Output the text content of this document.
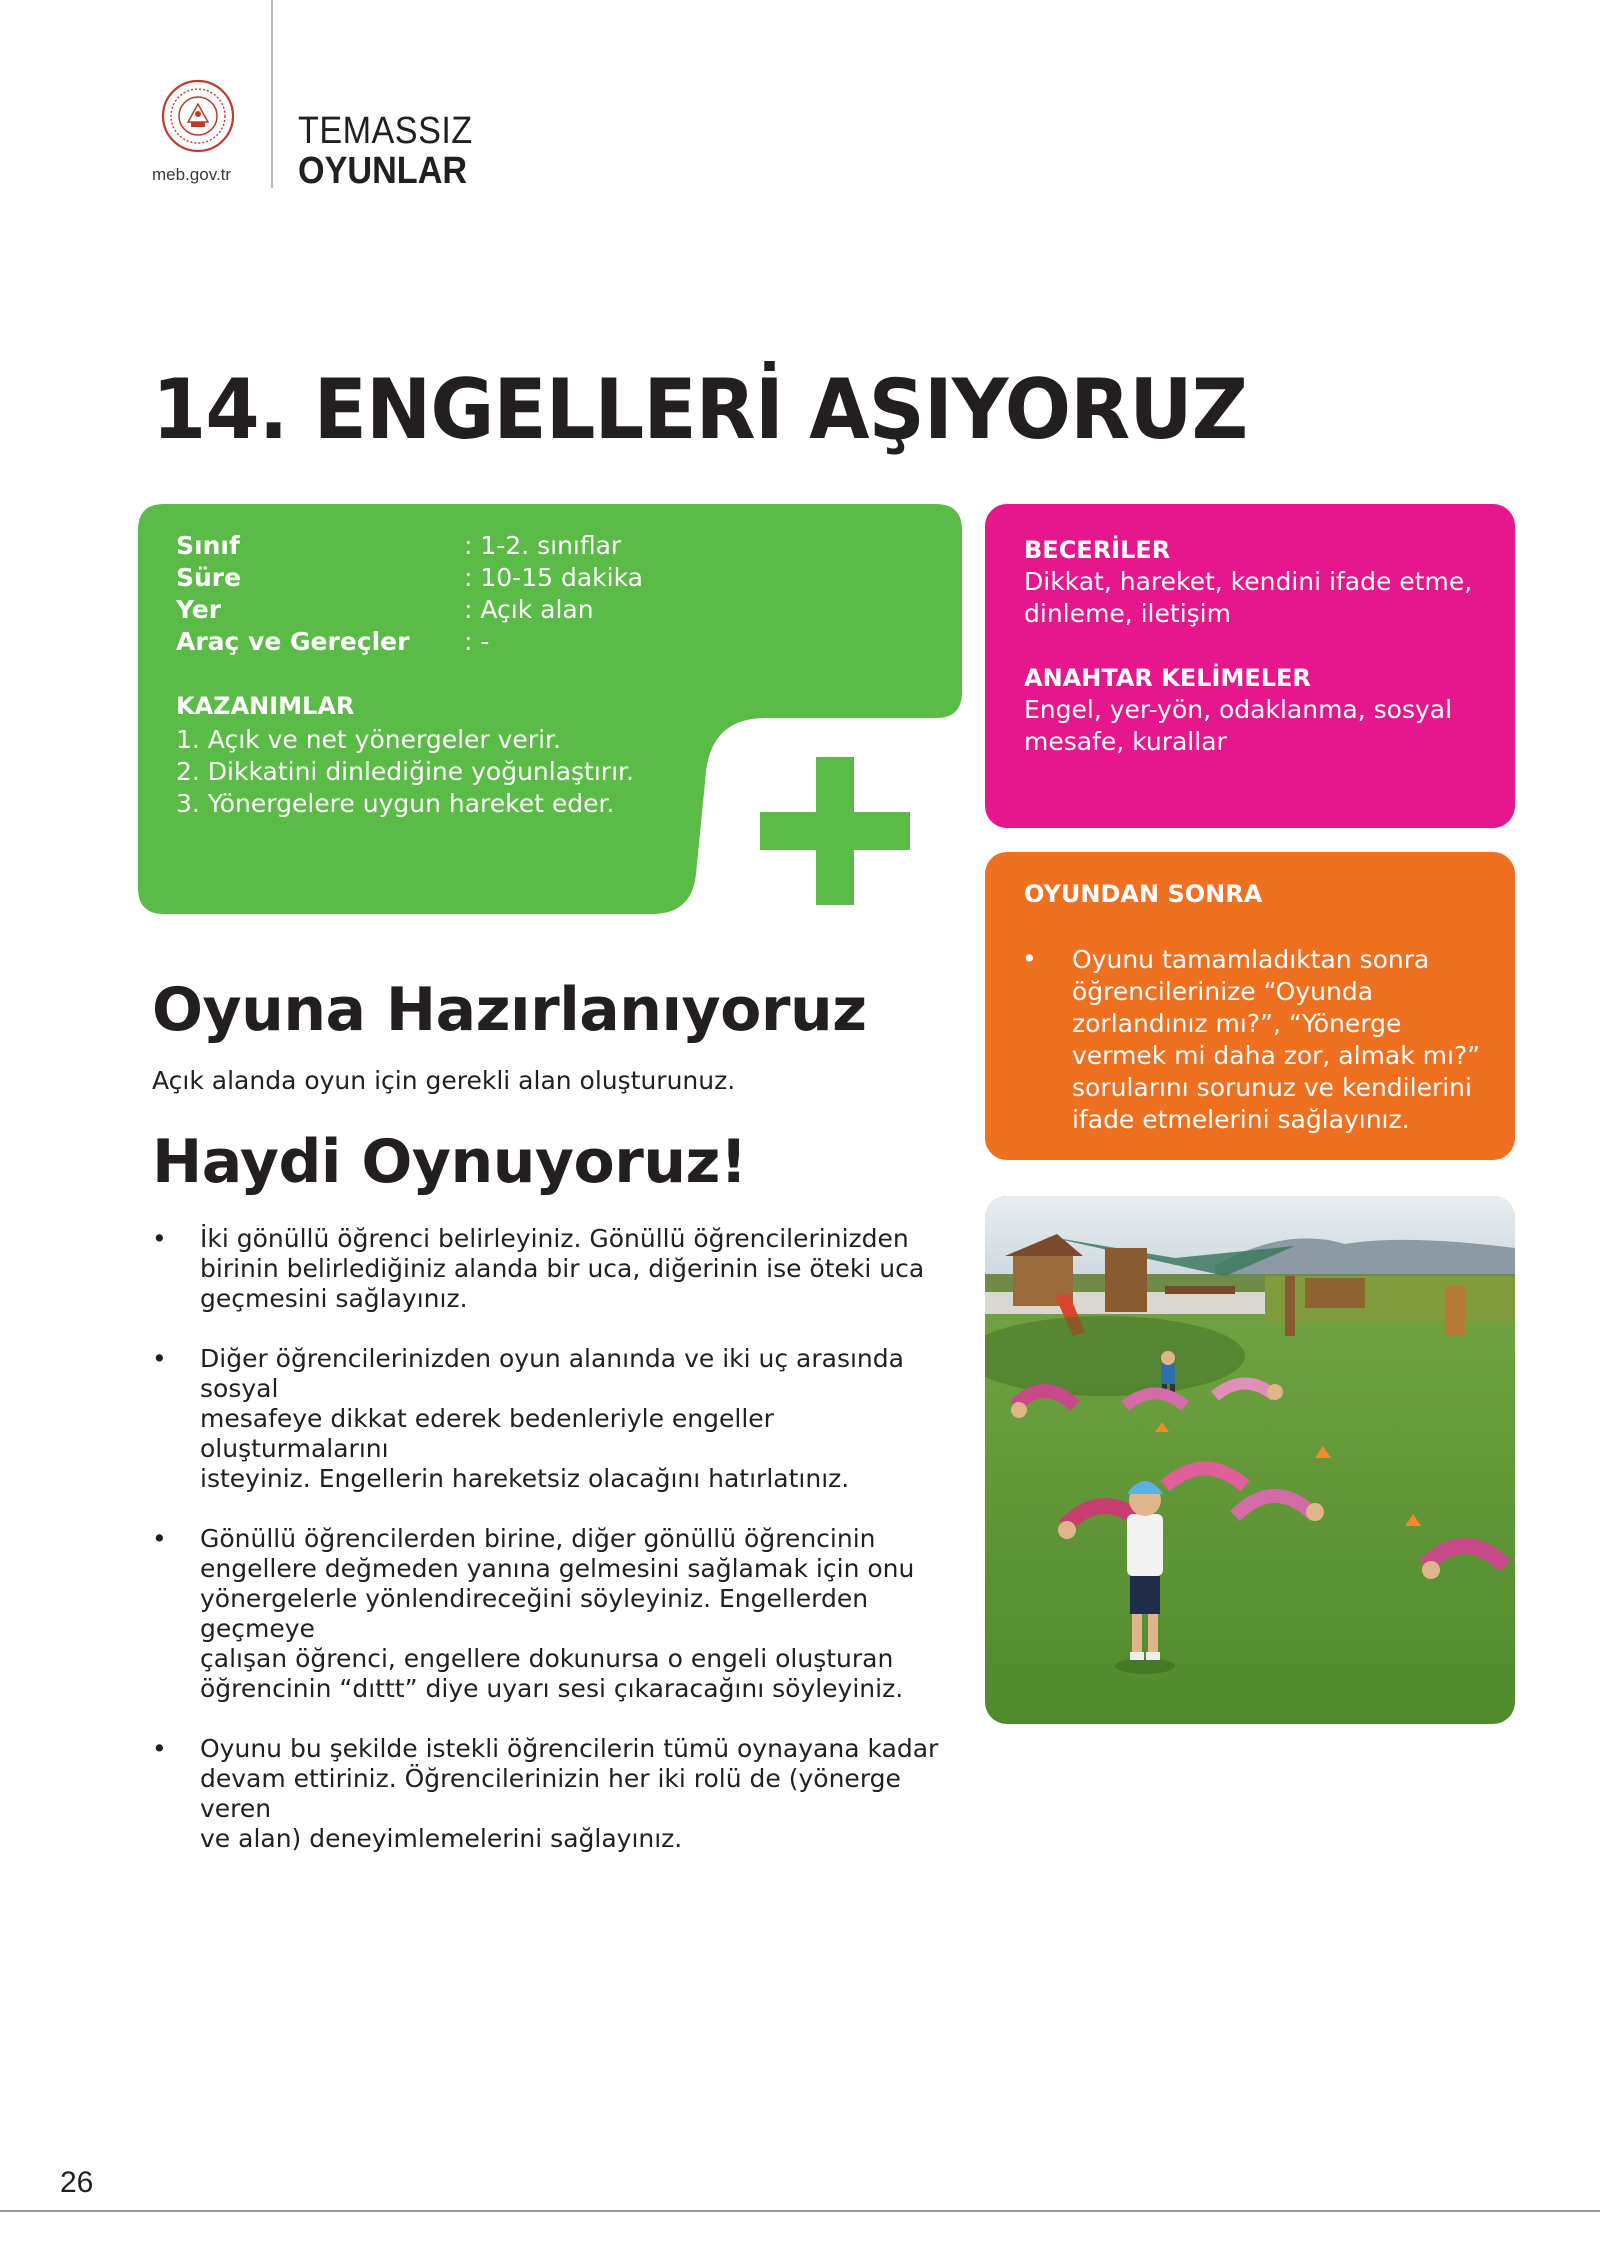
meb.gov.tr
TEMASSIZ
OYUNLAR
14. ENGELLERİ AŞIYORUZ
Sınıf	: 1-2. sınıflar
Süre	: 10-15 dakika
Yer	: Açık alan
Araç ve Gereçler	: -
KAZANIMLAR
1. Açık ve net yönergeler verir.
2. Dikkatini dinlediğine yoğunlaştırır.
3. Yönergelere uygun hareket eder.
BECERİLER
Dikkat, hareket, kendini ifade etme,
dinleme, iletişim
ANAHTAR KELİMELER
Engel, yer-yön, odaklanma, sosyal
mesafe, kurallar
OYUNDAN SONRA
• Oyunu tamamladıktan sonra
öğrencilerinize “Oyunda
zorlandınız mı?”, “Yönerge
vermek mi daha zor, almak mı?”
sorularını sorunuz ve kendilerini
ifade etmelerini sağlayınız.
Oyuna Hazırlanıyoruz
Açık alanda oyun için gerekli alan oluşturunuz.
Haydi Oynuyoruz!
•	İki gönüllü öğrenci belirleyiniz. Gönüllü öğrencilerinizden
birinin belirlediğiniz alanda bir uca, diğerinin ise öteki uca
geçmesini sağlayınız.
•	Diğer öğrencilerinizden oyun alanında ve iki uç arasında sosyal
mesafeye dikkat ederek bedenleriyle engeller oluşturmalarını
isteyiniz. Engellerin hareketsiz olacağını hatırlatınız.
•	Gönüllü öğrencilerden birine, diğer gönüllü öğrencinin
engellere değmeden yanına gelmesini sağlamak için onu
yönergelerle yönlendireceğini söyleyiniz. Engellerden geçmeye
çalışan öğrenci, engellere dokunursa o engeli oluşturan
öğrencinin “dıttt” diye uyarı sesi çıkaracağını söyleyiniz.
•	Oyunu bu şekilde istekli öğrencilerin tümü oynayana kadar
devam ettiriniz. Öğrencilerinizin her iki rolü de (yönerge veren
ve alan) deneyimlemelerini sağlayınız.
26
